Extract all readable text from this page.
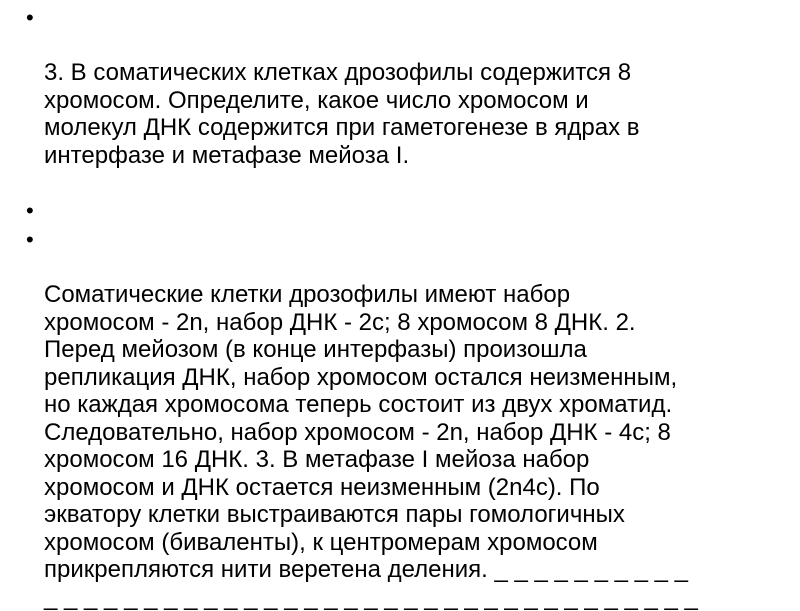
•

3. В соматических клетках дрозофилы содержится 8
хромосом. Определите, какое число хромосом и
молекул ДНК содержится при гаметогенезе в ядрах в
интерфазе и метафазе мейоза I.

•

•

Соматические клетки дрозофилы имеют набор
хромосом - 2n, набор ДНК - 2с; 8 хромосом 8 ДНК. 2.
Перед мейозом (в конце интерфазы) произошла
репликация ДНК, набор хромосом остался неизменным,
но каждая хромосома теперь состоит из двух хроматид.
Следовательно, набор хромосом - 2n, набор ДНК - 4с; 8
хромосом 16 ДНК. 3. В метафазе I мейоза набор
хромосом и ДНК остается неизменным (2n4c). По
экватору клетки выстраиваются пары гомологичных
хромосом (биваленты), к центромерам хромосом
прикрепляются нити веретена деления. _ _ _ _ _ _ _ _ _ _
_ _ _ _ _ _ _ _ _ _ _ _ _ _ _ _ _ _ _ _ _ _ _ _ _ _ _ _ _ _ _ _ _
